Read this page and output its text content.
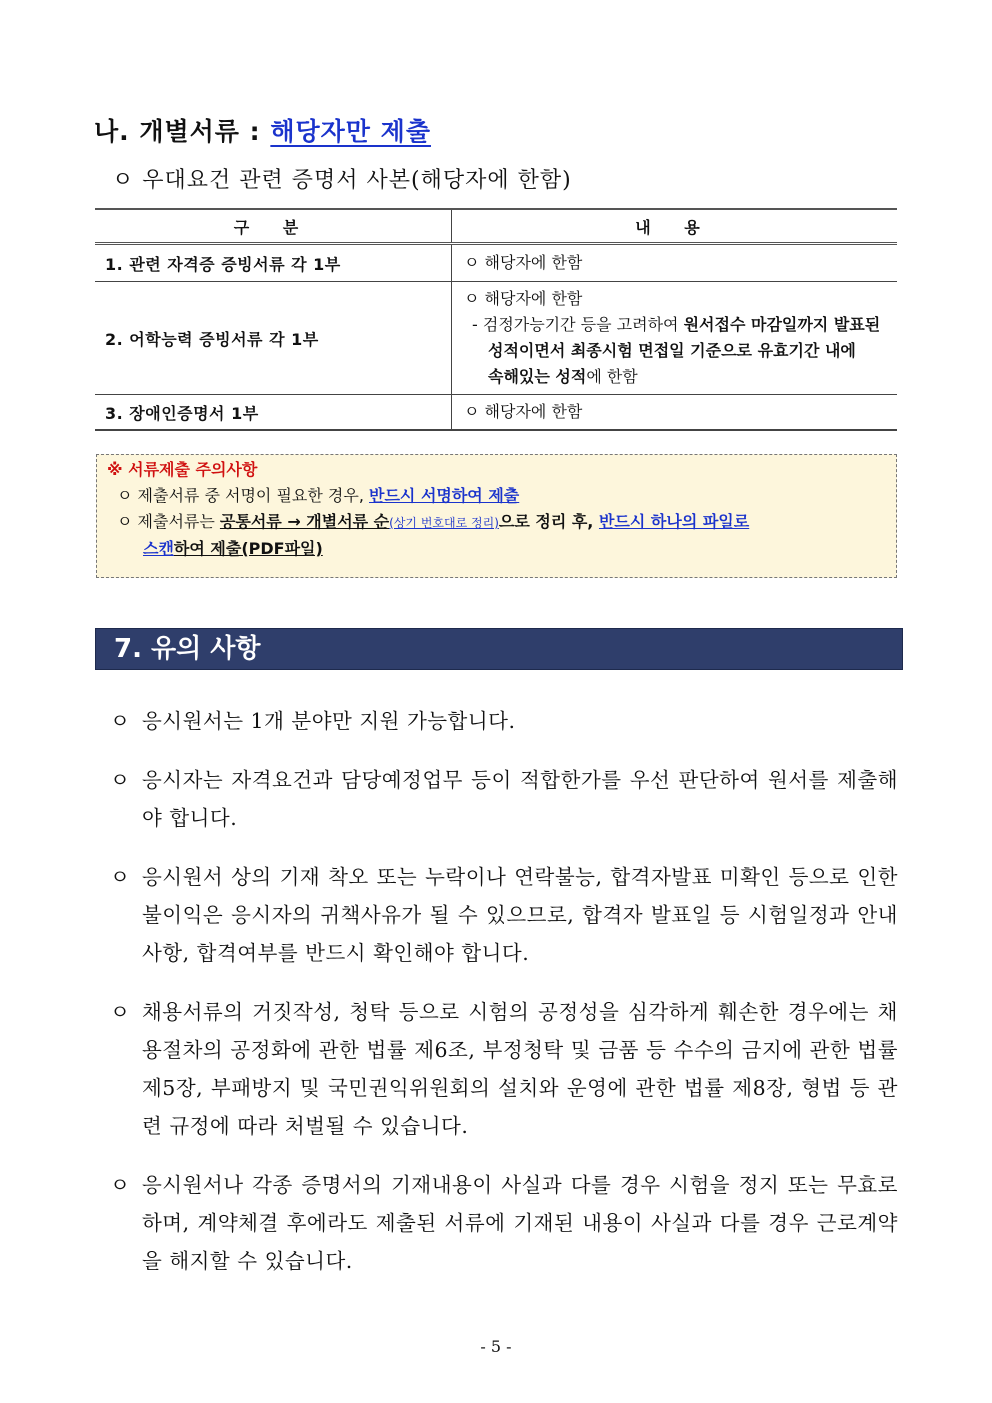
나. 개별서류 : 해당자만 제출
ㅇ 우대요건 관련 증명서 사본(해당자에 한함)
구 분	내 용
1. 관련 자격증 증빙서류 각 1부	ㅇ 해당자에 한함
2. 어학능력 증빙서류 각 1부	ㅇ 해당자에 한함
- 검정가능기간 등을 고려하여 원서접수 마감일까지 발표된
성적이면서 최종시험 면접일 기준으로 유효기간 내에
속해있는 성적에 한함

3. 장애인증명서 1부	ㅇ 해당자에 한함
※ 서류제출 주의사항
ㅇ 제출서류 중 서명이 필요한 경우, 반드시 서명하여 제출
ㅇ 제출서류는 공통서류 → 개별서류 순(상기 번호대로 정리)으로 정리 후, 반드시 하나의 파일로
스캔하여 제출(PDF파일)
7. 유의 사항
ㅇ 응시원서는 1개 분야만 지원 가능합니다.
ㅇ 응시자는 자격요건과 담당예정업무 등이 적합한가를 우선 판단하여 원서를 제출해야 합니다.
ㅇ 응시원서 상의 기재 착오 또는 누락이나 연락불능, 합격자발표 미확인 등으로 인한 불이익은 응시자의 귀책사유가 될 수 있으므로, 합격자 발표일 등 시험일정과 안내사항, 합격여부를 반드시 확인해야 합니다.
ㅇ 채용서류의 거짓작성, 청탁 등으로 시험의 공정성을 심각하게 훼손한 경우에는 채용절차의 공정화에 관한 법률 제6조, 부정청탁 및 금품 등 수수의 금지에 관한 법률 제5장, 부패방지 및 국민권익위원회의 설치와 운영에 관한 법률 제8장, 형법 등 관련 규정에 따라 처벌될 수 있습니다.
ㅇ 응시원서나 각종 증명서의 기재내용이 사실과 다를 경우 시험을 정지 또는 무효로 하며, 계약체결 후에라도 제출된 서류에 기재된 내용이 사실과 다를 경우 근로계약을 해지할 수 있습니다.
- 5 -
